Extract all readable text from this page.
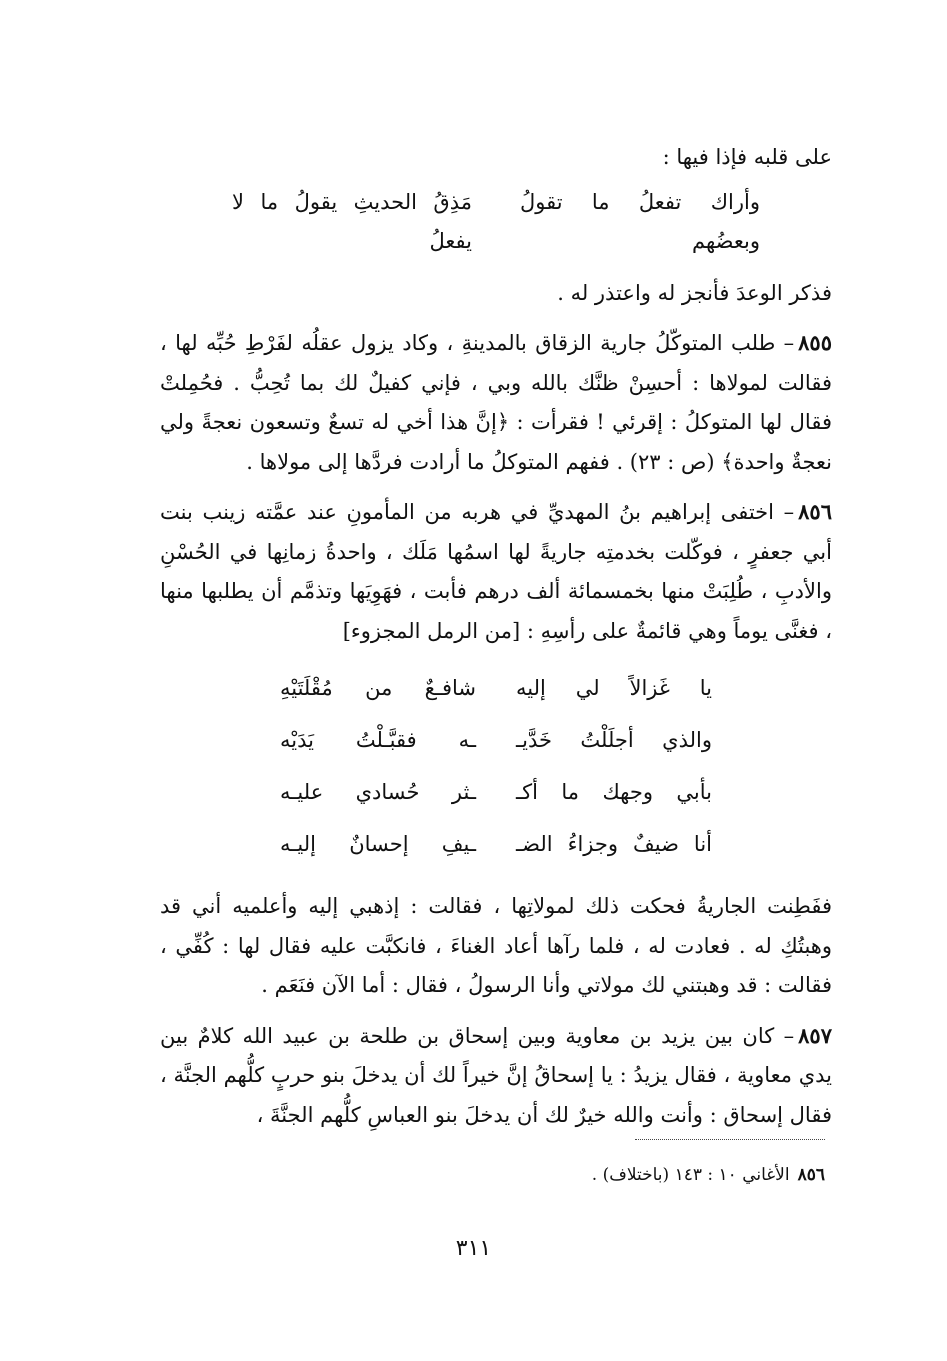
على قلبه فإذا فيها :

وأراك تفعلُ ما تقولُ وبعضُهم
مَذِقُ الحديثِ يقولُ ما لا يفعلُ

فذكر الوعدَ فأنجز له واعتذر له .

٨٥٥– طلب المتوكّلُ جارية الزقاق بالمدينةِ ، وكاد يزول عقلُه لفَرْطِ حُبِّه لها ، فقالت لمولاها : أحسِنْ ظنَّك بالله وبي ، فإني كفيلٌ لك بما تُحِبُّ . فحُمِلتْ فقال لها المتوكلُ : إقرئي ! فقرأت : ﴿إنَّ هذا أخي له تسعٌ وتسعون نعجةً ولي نعجةٌ واحدة﴾ (ص : ٢٣) . ففهم المتوكلُ ما أرادت فردَّها إلى مولاها .

٨٥٦– اختفى إبراهيم بنُ المهديِّ في هربه من المأمونِ عند عمَّته زينب بنت أبي جعفرٍ ، فوكّلت بخدمتِه جاريةً لها اسمُها مَلَك ، واحدةُ زمانِها في الحُسْنِ والأدبِ ، طُلِبَتْ منها بخمسمائة ألف درهم فأبت ، فهَوِيَها وتذمَّم أن يطلبها منها ، فغنَّى يوماً وهي قائمةٌ على رأسِهِ : [من الرمل المجزوء]

يا غَزالاً لي إليه
شافـعٌ من مُقْلَتَيْهِ
والذي أجلَلْتُ خَدَّيـ
ـه فقبَّـلْتُ يَدَيْه
بأبي وجهك ما أكـ
ـثر حُسادي عليـه
أنا ضيفٌ وجزاءُ الضـ
ـيفِ إحسانٌ إليـه

ففَطِنت الجاريةُ فحكت ذلك لمولاتِها ، فقالت : إذهبي إليه وأعلميه أني قد وهبتُكِ له . فعادت له ، فلما رآها أعاد الغناءَ ، فانكبَّت عليه فقال لها : كُفِّي ، فقالت : قد وهبتني لك مولاتي وأنا الرسولُ ، فقال : أما الآن فنَعَم .

٨٥٧– كان بين يزيد بن معاوية وبين إسحاق بن طلحة بن عبيد الله كلامٌ بين يدي معاوية ، فقال يزيدُ : يا إسحاقُ إنَّ خيراً لك أن يدخلَ بنو حربٍ كلُّهم الجنَّة ، فقال إسحاق : وأنت والله خيرٌ لك أن يدخلَ بنو العباسِ كلُّهم الجنَّةَ ،

٨٥٦الأغاني ١٠ : ١٤٣ (باختلاف) .
٣١١
